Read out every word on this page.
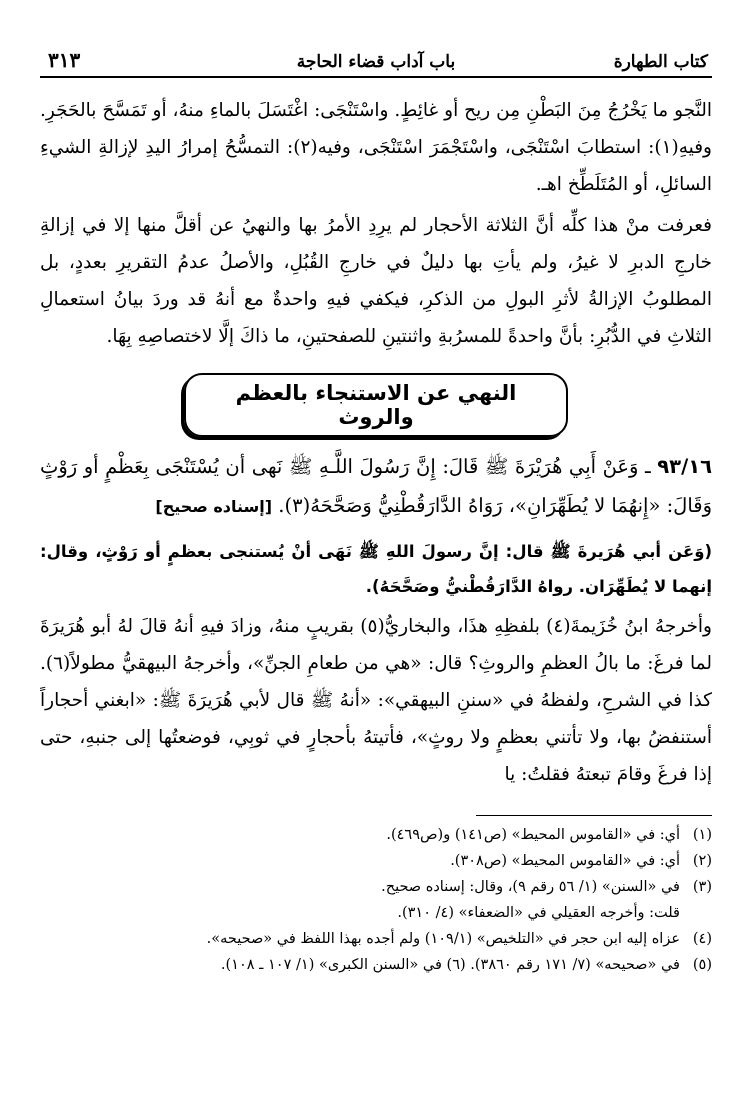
كتاب الطهارة
باب آداب قضاء الحاجة
٣١٣

النَّجو ما يَخْرُجُ مِنَ البَطْنِ مِن ريح أو غائِطٍ. واسْتَنْجَى: اغْتَسَلَ بالماءِ منهُ، أو تَمَسَّحَ بالحَجَرِ. وفيهِ(١): استطابَ اسْتَنْجَى، واسْتَجْمَرَ اسْتَنْجَى، وفيه(٢): التمسُّحُ إمرارُ اليدِ لإزالةِ الشيءِ السائلِ، أو المُتَلَطِّخ اهـ.

فعرفت منْ هذا كلِّه أنَّ الثلاثة الأحجار لم يرِدِ الأمرُ بها والنهيُ عن أقلَّ منها إلا في إزالةِ خارجِ الدبرِ لا غيرُ، ولم يأتِ بها دليلٌ في خارجِ القُبُلِ، والأصلُ عدمُ التقريرِ بعددٍ، بل المطلوبُ الإزالةُ لأثرِ البولِ من الذكرِ، فيكفي فيهِ واحدةٌ مع أنهُ قد وردَ بيانُ استعمالِ الثلاثِ في الدُّبُرِ: بأنَّ واحدةً للمسرُبةِ واثنتينِ للصفحتينِ، ما ذاكَ إلَّا لاختصاصِهِ بِهَا.

النهي عن الاستنجاء بالعظم والروث

٩٣/١٦ ـ وَعَنْ أَبِي هُرَيْرَةَ ﷺ قَالَ: إِنَّ رَسُولَ اللَّـهِ ﷺ نَهى أن يُسْتَنْجَى بِعَظْمٍ أو رَوْثٍ وَقَالَ: «إِنهُمَا لا يُطَهِّرَانِ»، رَوَاهُ الدَّارَقُطْنِيُّ وَصَحَّحَهُ(٣). [إسناده صحيح]

(وَعَن أبي هُرَيرةَ ﷺ قال: إنَّ رسولَ اللهِ ﷺ نَهَى أنْ يُستنجى بعظمٍ أو رَوْثٍ، وقال: إنهما لا يُطَهِّرَان. رواهُ الدَّارَقُطْنيُّ وصَحَّحَهُ).

وأخرجهُ ابنُ خُزَيمةَ(٤) بلفظِهِ هذَا، والبخاريُّ(٥) بقريبٍ منهُ، وزادَ فيهِ أنهُ قالَ لهُ أبو هُرَيرَةَ لما فرغَ: ما بالُ العظمِ والروثِ؟ قال: «هي من طعامِ الجنِّ»، وأخرجهُ البيهقيُّ مطولاً(٦). كذا في الشرحِ، ولفظهُ في «سننِ البيهقي»: «أنهُ ﷺ قال لأبي هُرَيرَةَ ﷺ: «ابغني أحجاراً أستنفضُ بها، ولا تأتني بعظمٍ ولا روثٍ»، فأتيتهُ بأحجارٍ في ثوبِي، فوضعتُها إلى جنبهِ، حتى إذا فرغَ وقامَ تبعتهُ فقلتُ: يا

(١)أي: في «القاموس المحيط» (ص١٤١) و(ص٤٦٩).
(٢)أي: في «القاموس المحيط» (ص٣٠٨).
(٣)في «السنن» (١/ ٥٦ رقم ٩)، وقال: إسناده صحيح.
قلت: وأخرجه العقيلي في «الضعفاء» (٤/ ٣١٠).
(٤)عزاه إليه ابن حجر في «التلخيص» (١٠٩/١) ولم أجده بهذا اللفظ في «صحيحه».
(٥)في «صحيحه» (٧/ ١٧١ رقم ٣٨٦٠). (٦) في «السنن الكبرى» (١/ ١٠٧ ـ ١٠٨).
